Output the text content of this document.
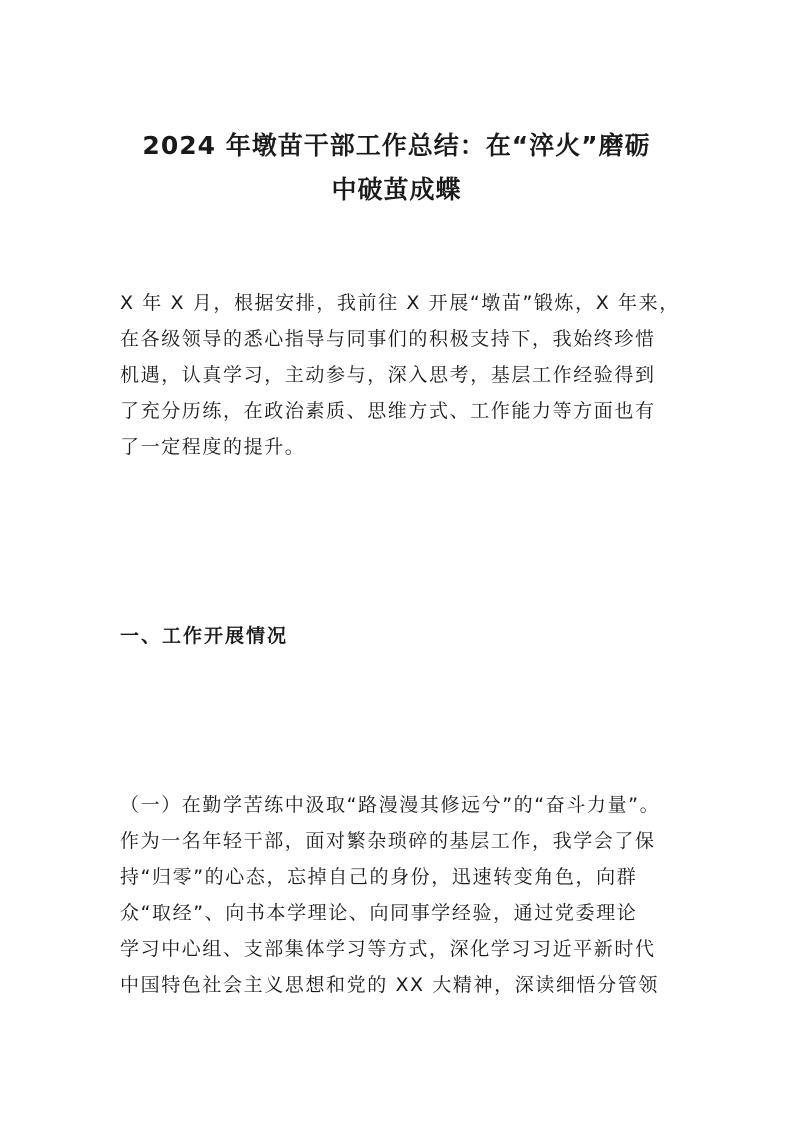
2024 年墩苗干部工作总结：在“淬火”磨砺
中破茧成蝶

X 年 X 月，根据安排，我前往 X 开展“墩苗”锻炼，X 年来，
在各级领导的悉心指导与同事们的积极支持下，我始终珍惜
机遇，认真学习，主动参与，深入思考，基层工作经验得到
了充分历练，在政治素质、思维方式、工作能力等方面也有
了一定程度的提升。

一、工作开展情况

（一）在勤学苦练中汲取“路漫漫其修远兮”的“奋斗力量”。
作为一名年轻干部，面对繁杂琐碎的基层工作，我学会了保
持“归零”的心态，忘掉自己的身份，迅速转变角色，向群
众“取经”、向书本学理论、向同事学经验，通过党委理论
学习中心组、支部集体学习等方式，深化学习习近平新时代
中国特色社会主义思想和党的 XX 大精神，深读细悟分管领
